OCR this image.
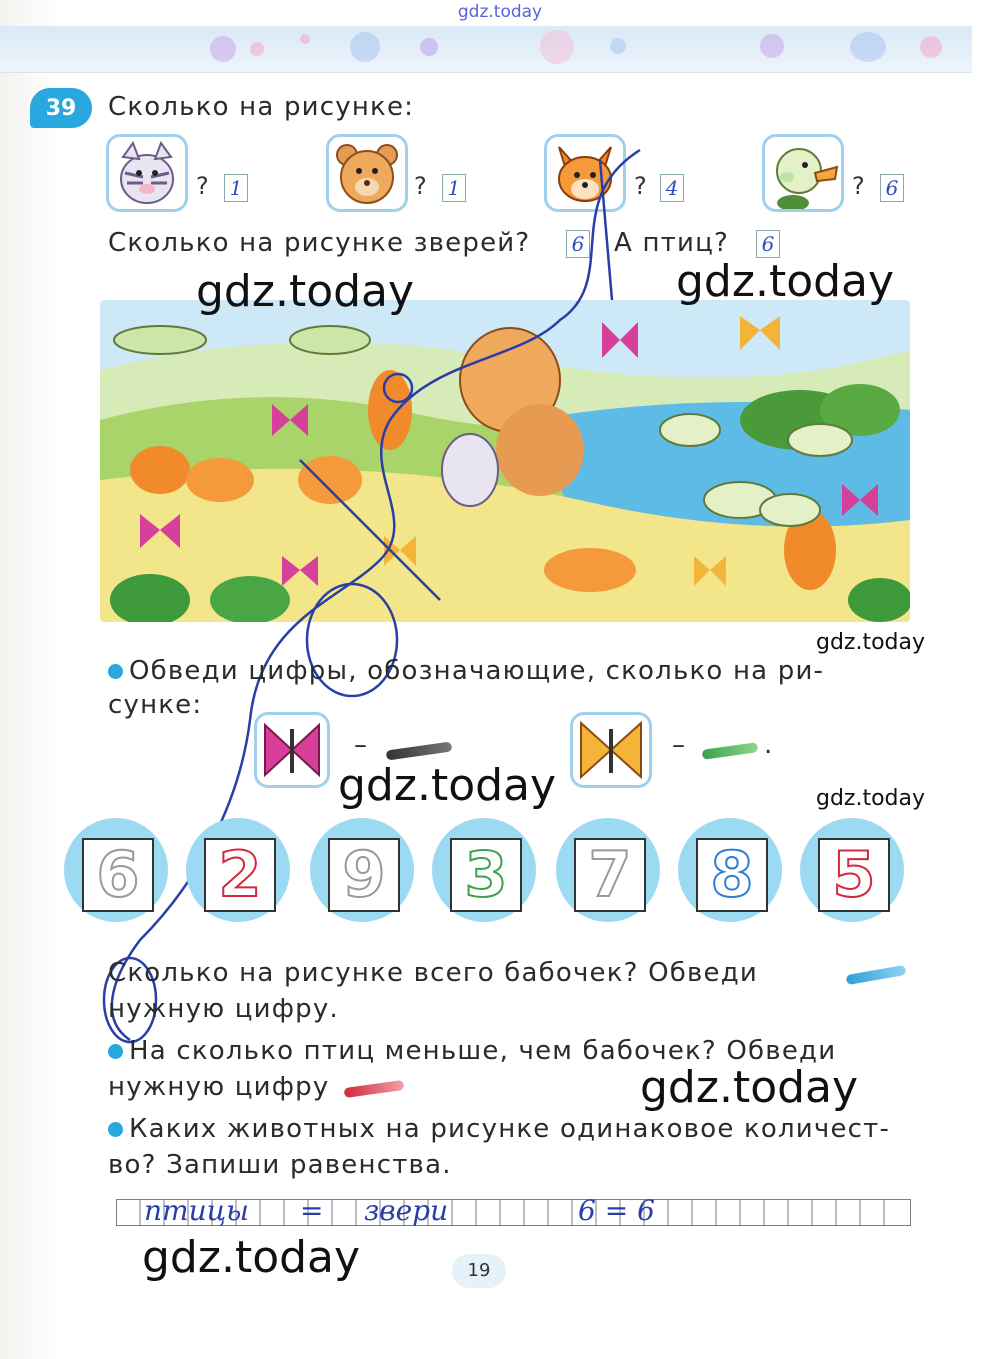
gdz.today
39	Сколько на рисунке:
? 1	? 1	? 4	? 6
Сколько на рисунке зверей? 6 А птиц? 6
gdz.today	gdz.today
gdz.today
gdz.today	gdz.today
gdz.today
gdz.today
Обведи цифры, обозначающие, сколько на ри-
сунке:
–	–	.
6 2 9 3 7 8 5
Сколько на рисунке всего бабочек? Обведи
нужную цифру.
На сколько птиц меньше, чем бабочек? Обведи
нужную цифру
Каких животных на рисунке одинаковое количест-
во? Запиши равенства.
птицы = звери	6 = 6
19
